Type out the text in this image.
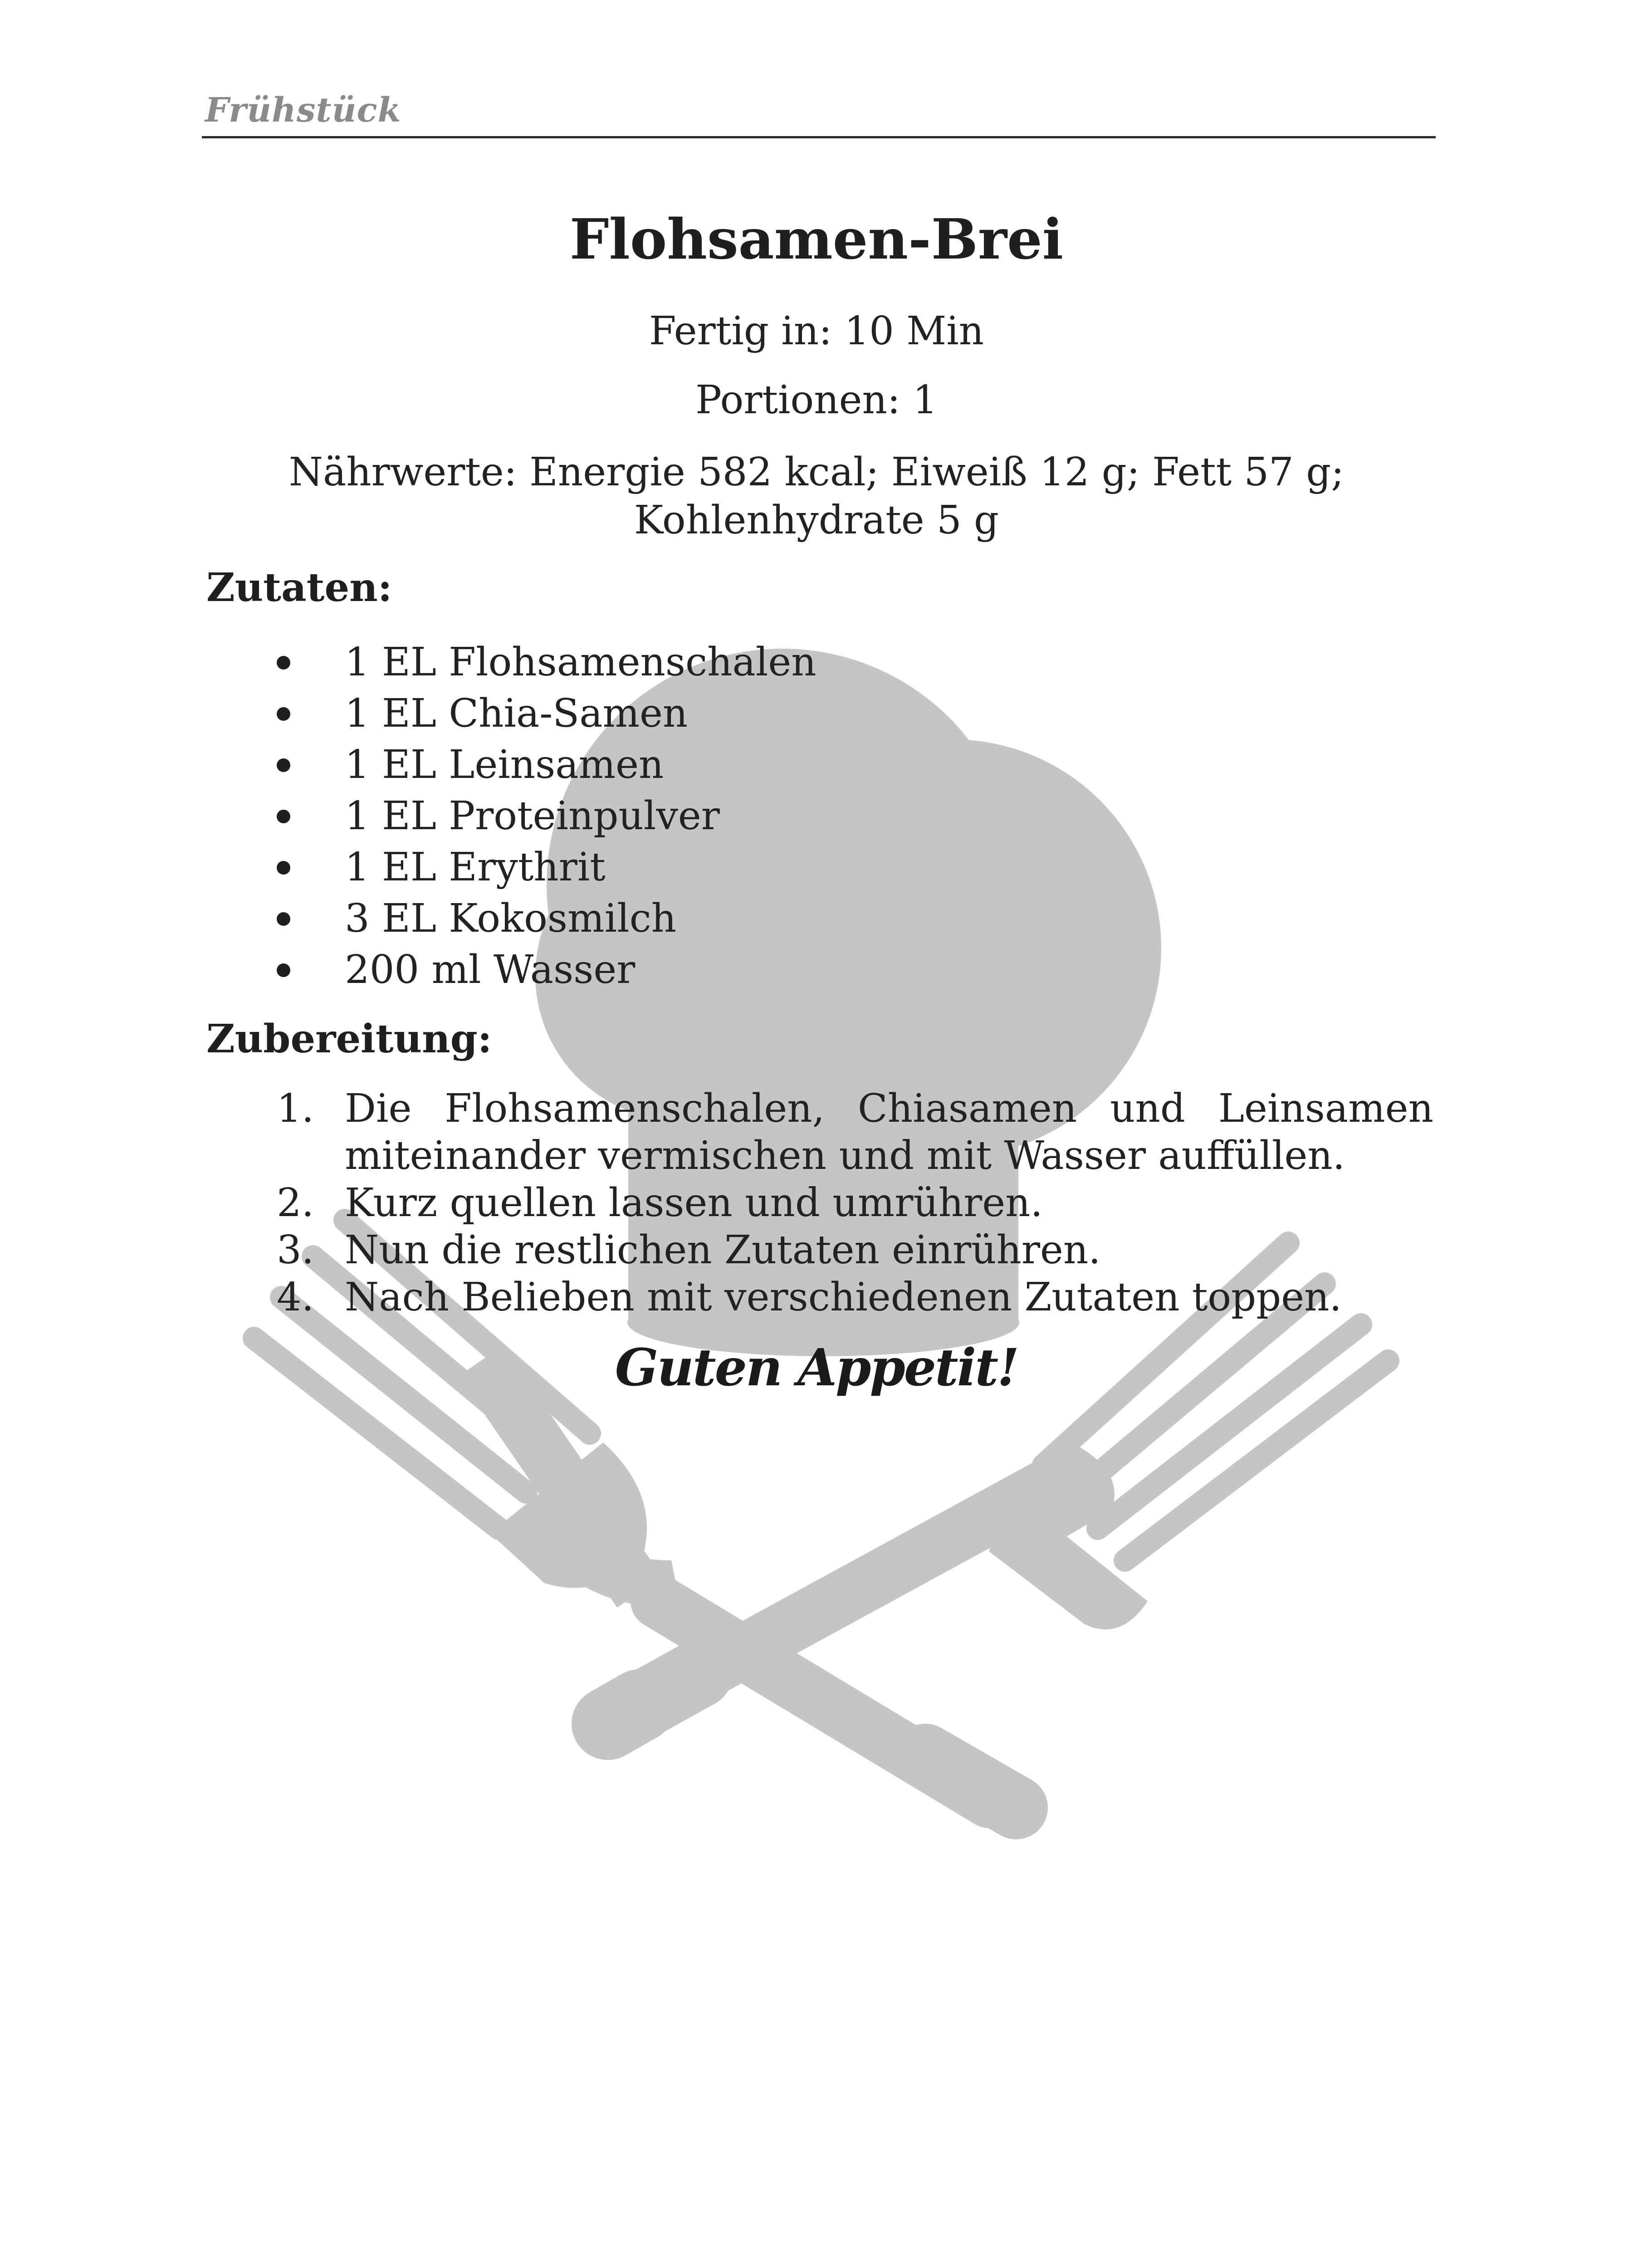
Frühstück
Flohsamen-Brei
Fertig in: 10 Min
Portionen: 1
Nährwerte: Energie 582 kcal; Eiweiß 12 g; Fett 57 g;
Kohlenhydrate 5 g
Zutaten:
1 EL Flohsamenschalen
1 EL Chia-Samen
1 EL Leinsamen
1 EL Proteinpulver
1 EL Erythrit
3 EL Kokosmilch
200 ml Wasser
Zubereitung:
1. Die Flohsamenschalen, Chiasamen und Leinsamen miteinander vermischen und mit Wasser auffüllen.
2. Kurz quellen lassen und umrühren.
3. Nun die restlichen Zutaten einrühren.
4. Nach Belieben mit verschiedenen Zutaten toppen.
Guten Appetit!
